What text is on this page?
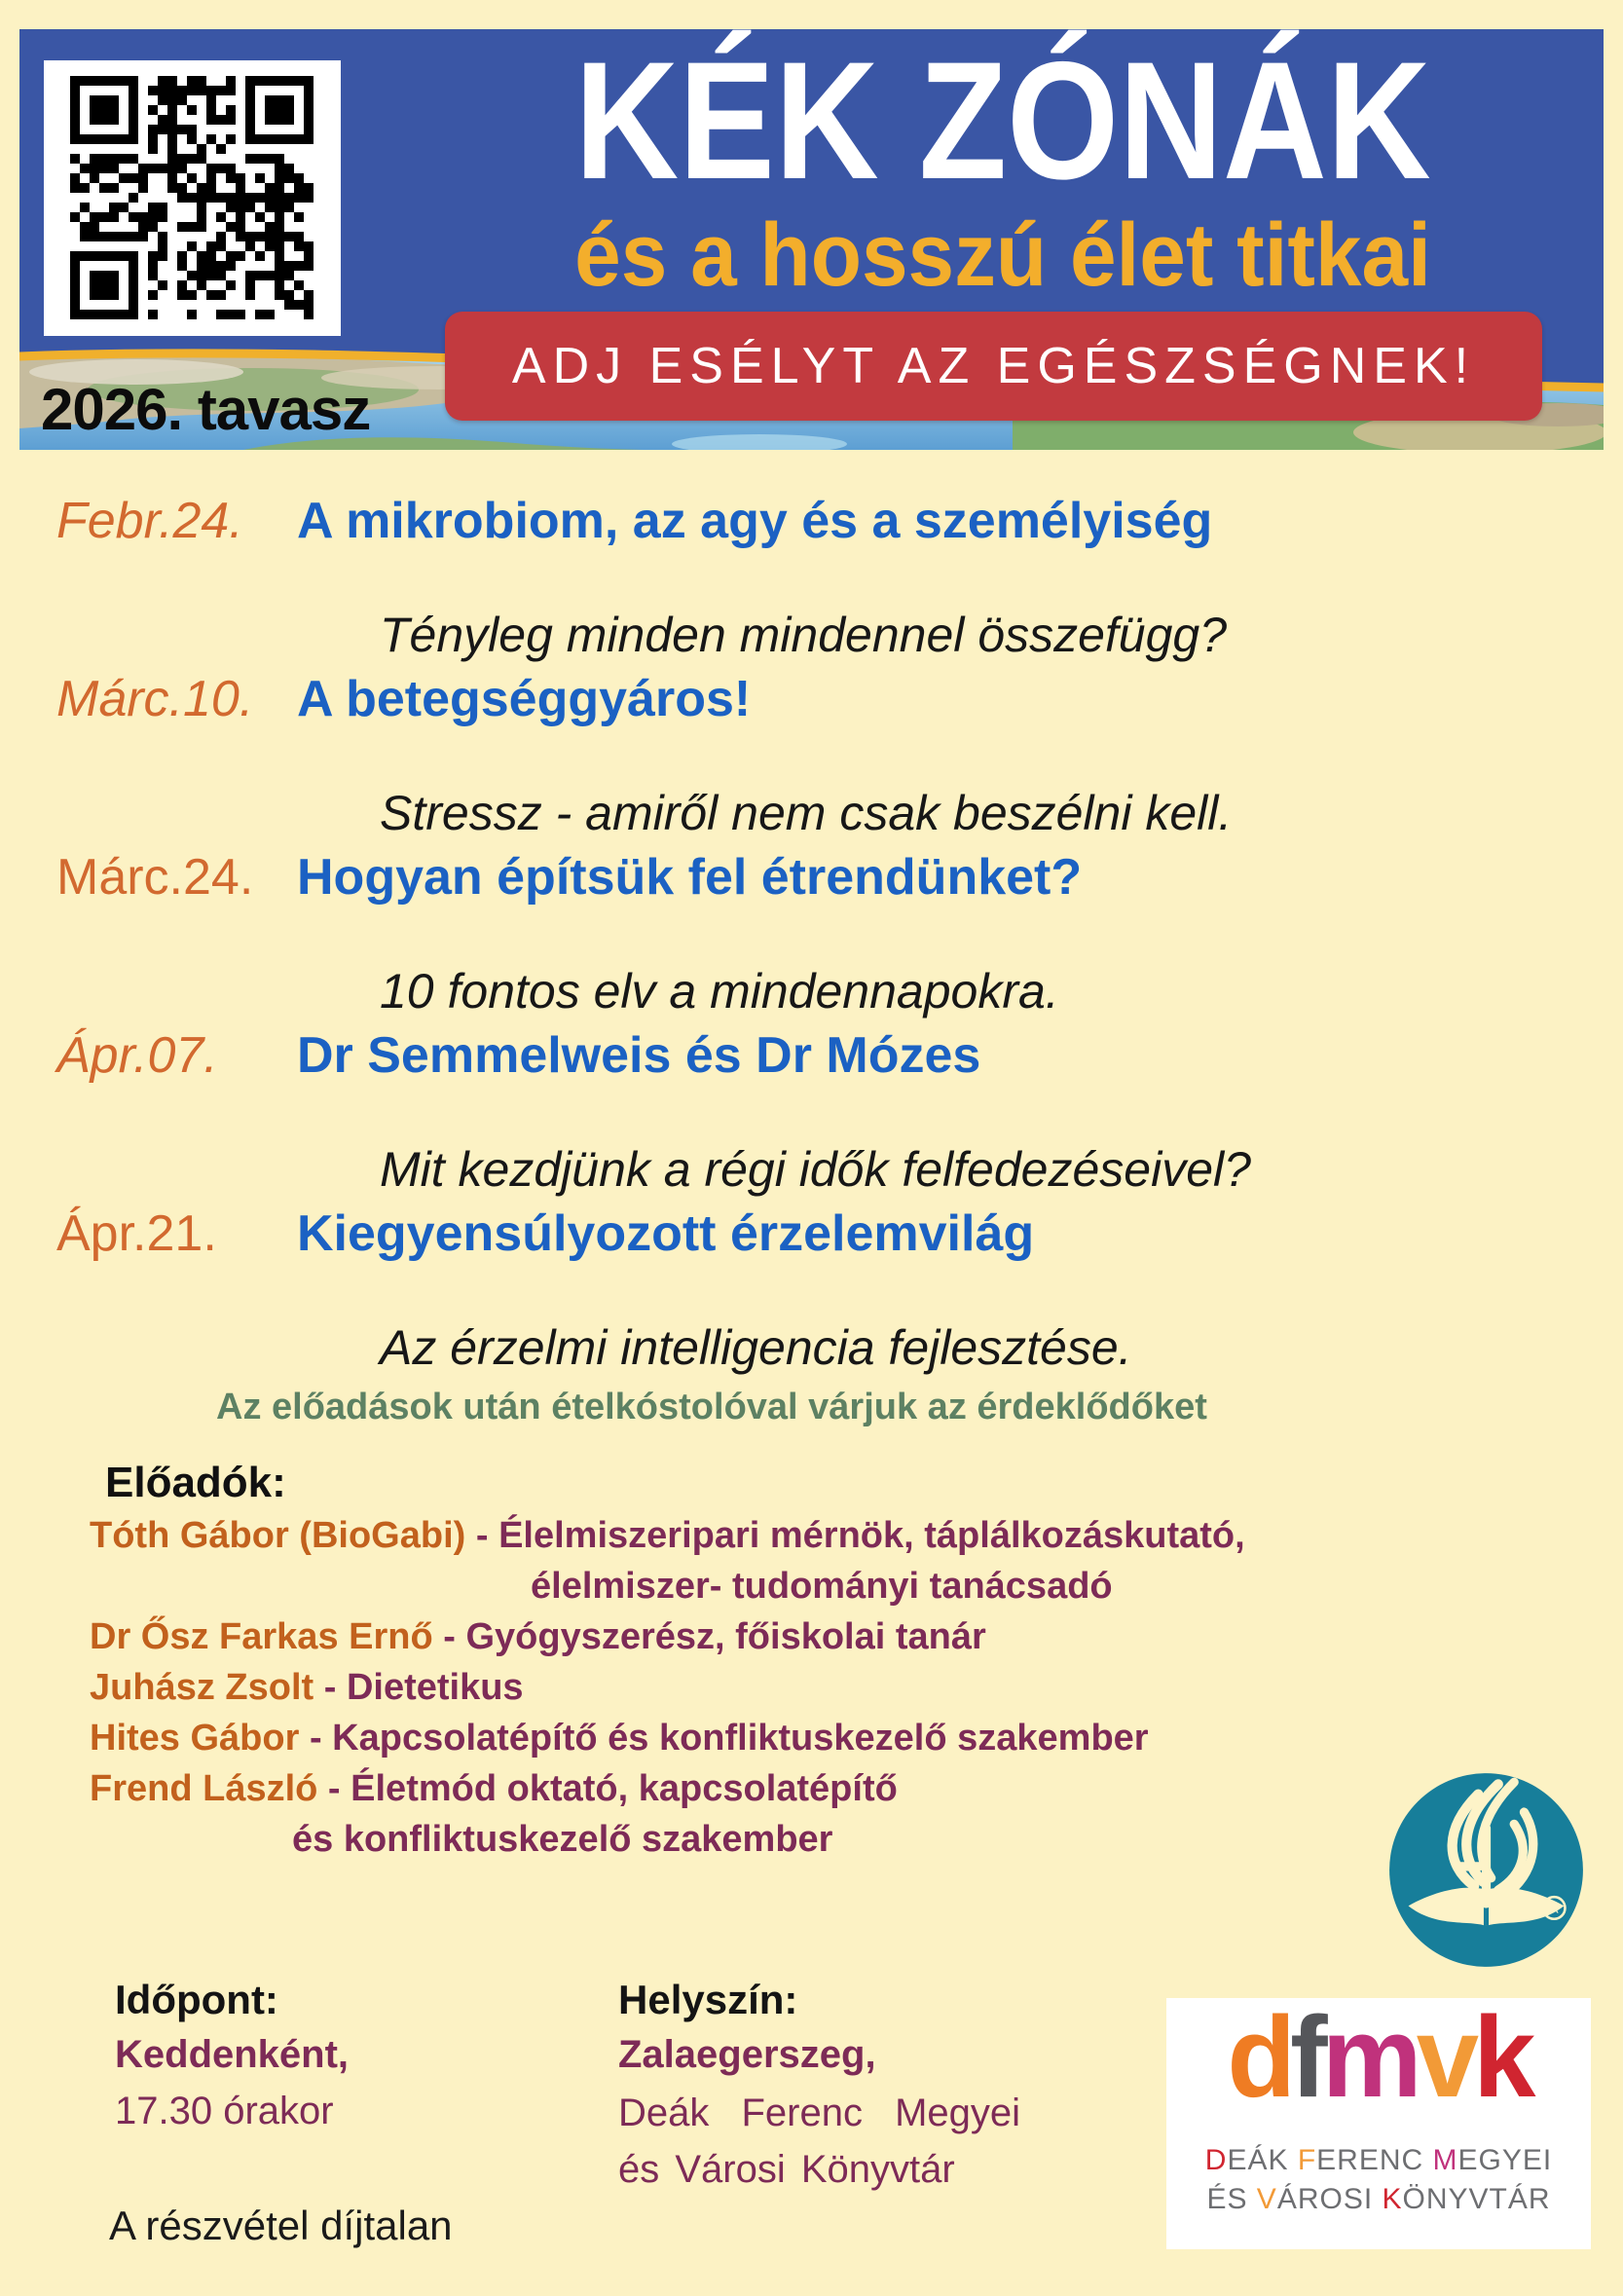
KÉK ZÓNÁK
és a hosszú élet titkai
ADJ ESÉLYT AZ EGÉSZSÉGNEK!
2026. tavasz
Febr.24. A mikrobiom, az agy és a személyiség
Tényleg minden mindennel összefügg?
Márc.10. A betegséggyáros!
Stressz - amiről nem csak beszélni kell.
Márc.24. Hogyan építsük fel étrendünket?
10 fontos elv a mindennapokra.
Ápr.07. Dr Semmelweis és Dr Mózes
Mit kezdjünk a régi idők felfedezéseivel?
Ápr.21. Kiegyensúlyozott érzelemvilág
Az érzelmi intelligencia fejlesztése.
Az előadások után ételkóstolóval várjuk az érdeklődőket
Előadók:
Tóth Gábor (BioGabi) - Élelmiszeripari mérnök, táplálkozáskutató,
élelmiszer- tudományi tanácsadó
Dr Ősz Farkas Ernő - Gyógyszerész, főiskolai tanár
Juhász Zsolt - Dietetikus
Hites Gábor - Kapcsolatépítő és konfliktuskezelő szakember
Frend László - Életmód oktató, kapcsolatépítő
és konfliktuskezelő szakember
R
Időpont:
Keddenként,
17.30 órakor
Helyszín:
Zalaegerszeg,
Deák Ferenc Megyei
és Városi Könyvtár
A részvétel díjtalan
dfmvk
DEÁK FERENC MEGYEI
ÉS VÁROSI KÖNYVTÁR
